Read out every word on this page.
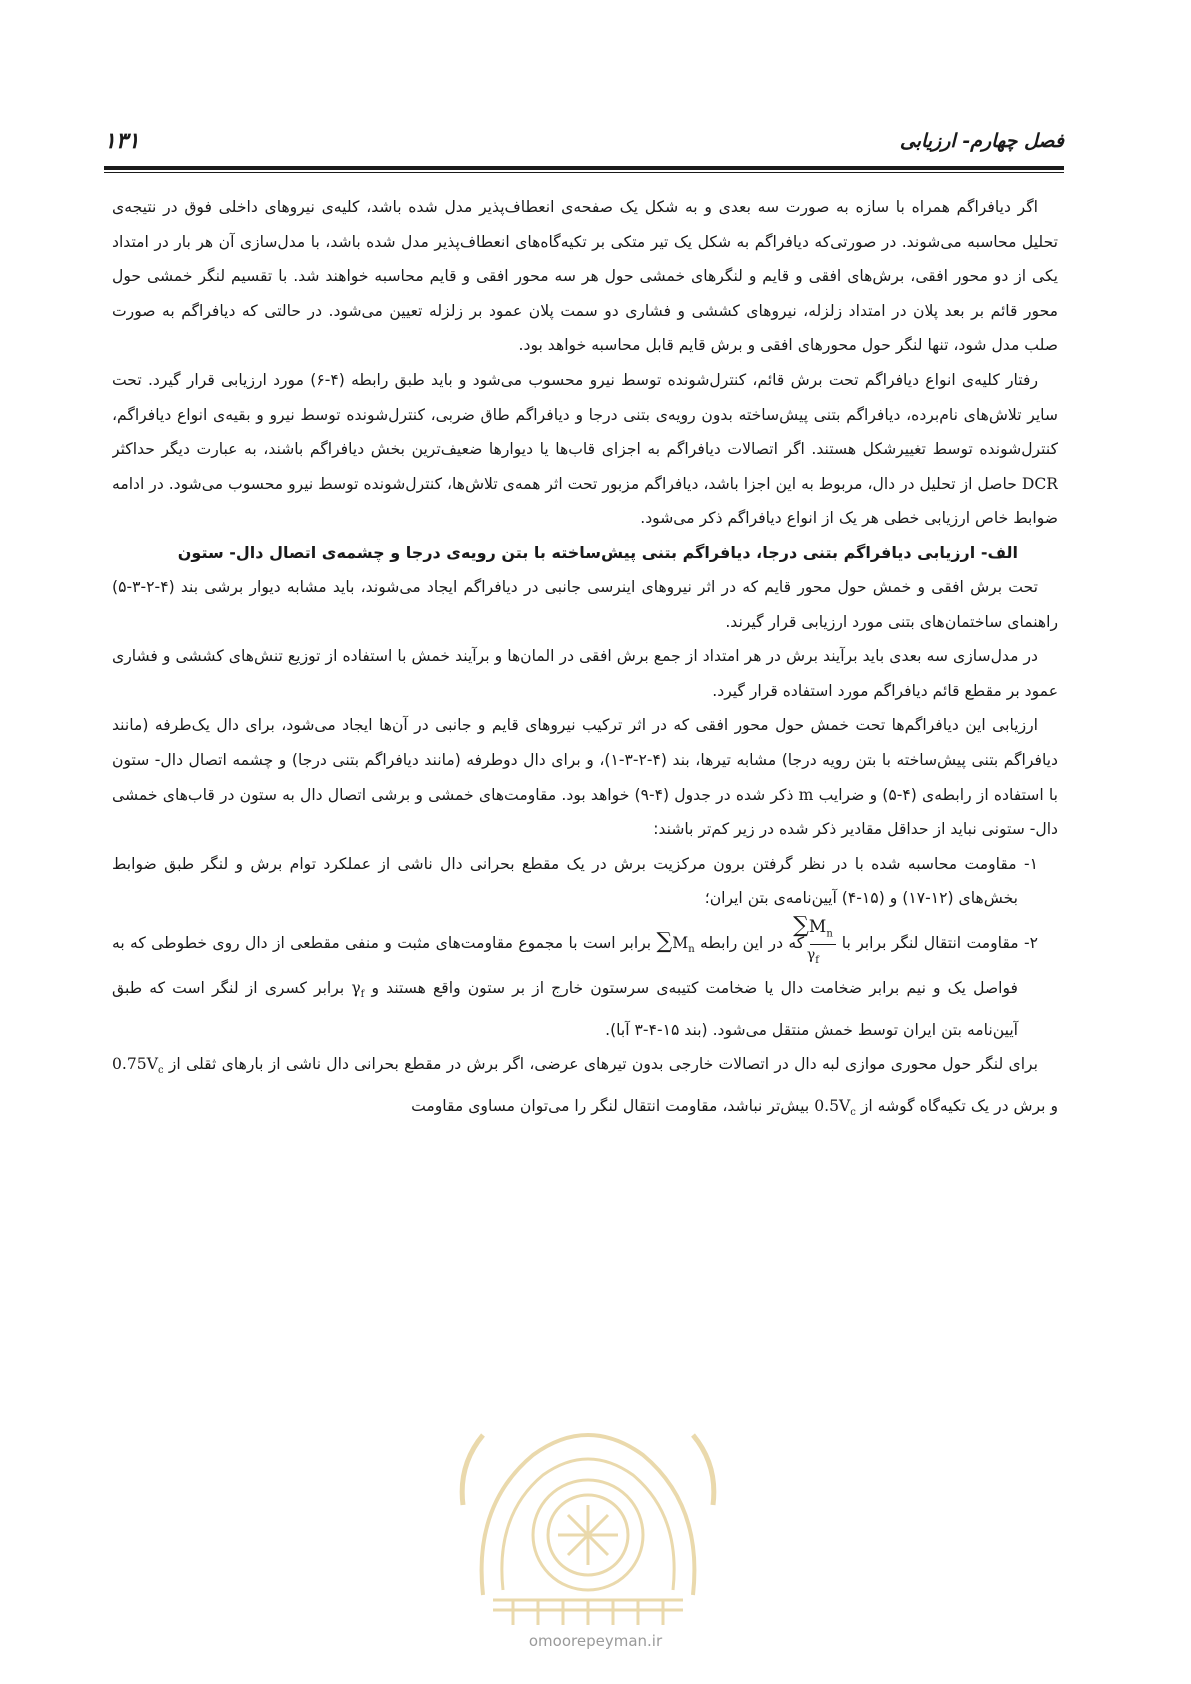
فصل چهارم- ارزیابی
۱۳۱

اگر دیافراگم همراه با سازه به صورت سه بعدی و به شکل یک صفحه‌ی انعطاف‌پذیر مدل شده باشد، کلیه‌ی نیروهای داخلی فوق در نتیجه‌ی تحلیل محاسبه می‌شوند. در صورتی‌که دیافراگم به شکل یک تیر متکی بر تکیه‌گاه‌های انعطاف‌پذیر مدل شده باشد، با مدل‌سازی آن هر بار در امتداد یکی از دو محور افقی، برش‌های افقی و قایم و لنگرهای خمشی حول هر سه محور افقی و قایم محاسبه خواهند شد. با تقسیم لنگر خمشی حول محور قائم بر بعد پلان در امتداد زلزله، نیروهای کششی و فشاری دو سمت پلان عمود بر زلزله تعیین می‌شود. در حالتی که دیافراگم به صورت صلب مدل شود، تنها لنگر حول محورهای افقی و برش قایم قابل محاسبه خواهد بود.

رفتار کلیه‌ی انواع دیافراگم تحت برش قائم، کنترل‌شونده توسط نیرو محسوب می‌شود و باید طبق رابطه (۴-۶) مورد ارزیابی قرار گیرد. تحت سایر تلاش‌های نام‌برده، دیافراگم بتنی پیش‌ساخته بدون رویه‌ی بتنی درجا و دیافراگم طاق ضربی، کنترل‌شونده توسط نیرو و بقیه‌ی انواع دیافراگم، کنترل‌شونده توسط تغییرشکل هستند. اگر اتصالات دیافراگم به اجزای قاب‌ها یا دیوارها ضعیف‌ترین بخش دیافراگم باشند، به عبارت دیگر حداکثر DCR حاصل از تحلیل در دال، مربوط به این اجزا باشد، دیافراگم مزبور تحت اثر همه‌ی تلاش‌ها، کنترل‌شونده توسط نیرو محسوب می‌شود. در ادامه ضوابط خاص ارزیابی خطی هر یک از انواع دیافراگم ذکر می‌شود.

الف- ارزیابی دیافراگم بتنی درجا، دیافراگم بتنی پیش‌ساخته با بتن رویه‌ی درجا و چشمه‌ی اتصال دال- ستون

تحت برش افقی و خمش حول محور قایم که در اثر نیروهای اینرسی جانبی در دیافراگم ایجاد می‌شوند، باید مشابه دیوار برشی بند (۴-۲-۳-۵) راهنمای ساختمان‌های بتنی مورد ارزیابی قرار گیرند.

در مدل‌سازی سه بعدی باید برآیند برش در هر امتداد از جمع برش افقی در المان‌ها و برآیند خمش با استفاده از توزیع تنش‌های کششی و فشاری عمود بر مقطع قائم دیافراگم مورد استفاده قرار گیرد.

ارزیابی این دیافراگم‌ها تحت خمش حول محور افقی که در اثر ترکیب نیروهای قایم و جانبی در آن‌ها ایجاد می‌شود، برای دال یک‌طرفه (مانند دیافراگم بتنی پیش‌ساخته با بتن رویه درجا) مشابه تیرها، بند (۴-۲-۳-۱)، و برای دال دوطرفه (مانند دیافراگم بتنی درجا) و چشمه اتصال دال- ستون با استفاده از رابطه‌ی (۴-۵) و ضرایب m ذکر شده در جدول (۴-۹) خواهد بود. مقاومت‌های خمشی و برشی اتصال دال به ستون در قاب‌های خمشی دال- ستونی نباید از حداقل مقادیر ذکر شده در زیر کم‌تر باشند:

۱- مقاومت محاسبه شده با در نظر گرفتن برون مرکزیت برش در یک مقطع بحرانی دال ناشی از عملکرد توام برش و لنگر طبق ضوابط بخش‌های (۱۲-۱۷) و (۱۵-۴) آیین‌نامه‌ی بتن ایران؛

۲- مقاومت انتقال لنگر برابر با
$\frac{\sum M_n}{\gamma_f}$
که در این رابطه $\sum M_n$ برابر است با مجموع مقاومت‌های مثبت و منفی مقطعی از دال روی خطوطی که به فواصل یک و نیم برابر ضخامت دال یا ضخامت کتیبه‌ی سرستون خارج از بر ستون واقع هستند و $\gamma_f$ برابر کسری از لنگر است که طبق آیین‌نامه بتن ایران توسط خمش منتقل می‌شود. (بند ۱۵-۴-۳ آبا).

برای لنگر حول محوری موازی لبه دال در اتصالات خارجی بدون تیرهای عرضی، اگر برش در مقطع بحرانی دال ناشی از بارهای ثقلی از $0.75V_c$ و برش در یک تکیه‌گاه گوشه از $0.5V_c$ بیش‌تر نباشد، مقاومت انتقال لنگر را می‌توان مساوی مقاومت

omoorepeyman.ir
